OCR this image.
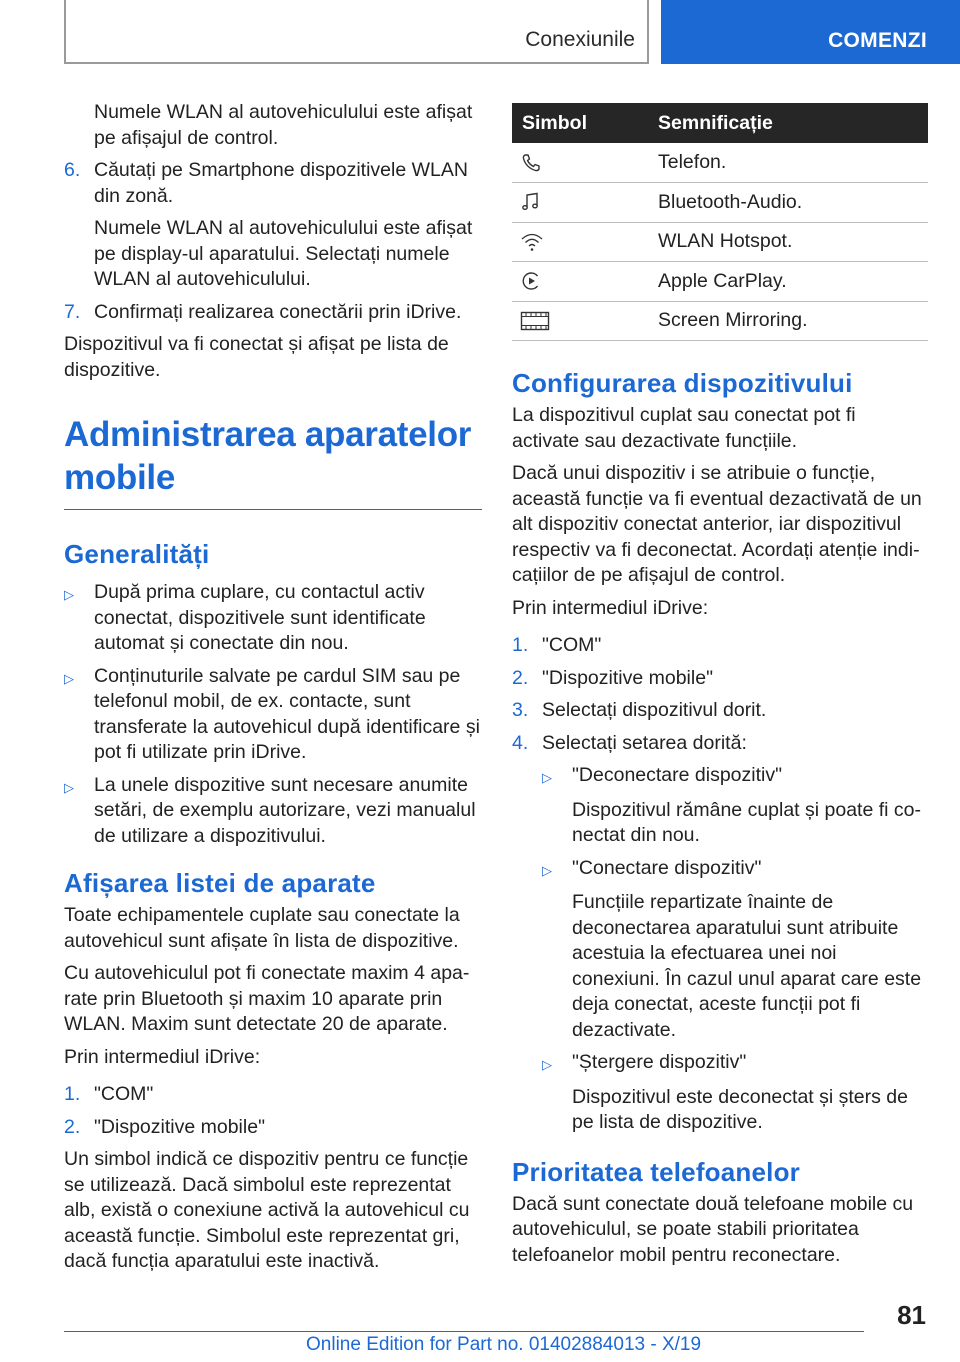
Conexiunile	COMENZI
Numele WLAN al autovehiculului este afișat pe afișajul de control.
6. Căutați pe Smartphone dispozitivele WLAN din zonă.
Numele WLAN al autovehiculului este afișat pe display-ul aparatului. Selectați numele WLAN al autovehiculului.
7. Confirmați realizarea conectării prin iDrive.
Dispozitivul va fi conectat și afișat pe lista de dispozitive.
Administrarea aparatelor mobile
Generalități
▷	După prima cuplare, cu contactul activ conectat, dispozitivele sunt identificate automat și conectate din nou.
▷	Conținuturile salvate pe cardul SIM sau pe telefonul mobil, de ex. contacte, sunt transferate la autovehicul după identificare și pot fi utilizate prin iDrive.
▷	La unele dispozitive sunt necesare anumite setări, de exemplu autorizare, vezi manualul de utilizare a dispozitivului.
Afișarea listei de aparate
Toate echipamentele cuplate sau conectate la autovehicul sunt afișate în lista de dispozitive.
Cu autovehiculul pot fi conectate maxim 4 aparate prin Bluetooth și maxim 10 aparate prin WLAN. Maxim sunt detectate 20 de aparate.
Prin intermediul iDrive:
1. "COM"
2. "Dispozitive mobile"
Un simbol indică ce dispozitiv pentru ce funcție se utilizează. Dacă simbolul este reprezentat alb, există o conexiune activă la autovehicul cu această funcție. Simbolul este reprezentat gri, dacă funcția aparatului este inactivă.
Simbol	Semnificație

	Telefon.

	Bluetooth-Audio.

	WLAN Hotspot.

	Apple CarPlay.

	Screen Mirroring.
Configurarea dispozitivului
La dispozitivul cuplat sau conectat pot fi activate sau dezactivate funcțiile.
Dacă unui dispozitiv i se atribuie o funcție, această funcție va fi eventual dezactivată de un alt dispozitiv conectat anterior, iar dispozitivul respectiv va fi deconectat. Acordați atenție indicațiilor de pe afișajul de control.
Prin intermediul iDrive:
1. "COM"
2. "Dispozitive mobile"
3. Selectați dispozitivul dorit.
4. Selectați setarea dorită:
▷	"Deconectare dispozitiv"
Dispozitivul rămâne cuplat și poate fi conectat din nou.
▷	"Conectare dispozitiv"
Funcțiile repartizate înainte de deconectarea aparatului sunt atribuite acestuia la efectuarea unei noi conexiuni. În cazul unul aparat care este deja conectat, aceste funcții pot fi dezactivate.
▷	"Ștergere dispozitiv"
Dispozitivul este deconectat și șters de pe lista de dispozitive.
Prioritatea telefoanelor
Dacă sunt conectate două telefoane mobile cu autovehiculul, se poate stabili prioritatea telefoanelor mobil pentru reconectare.
81
Online Edition for Part no. 01402884013 - X/19
